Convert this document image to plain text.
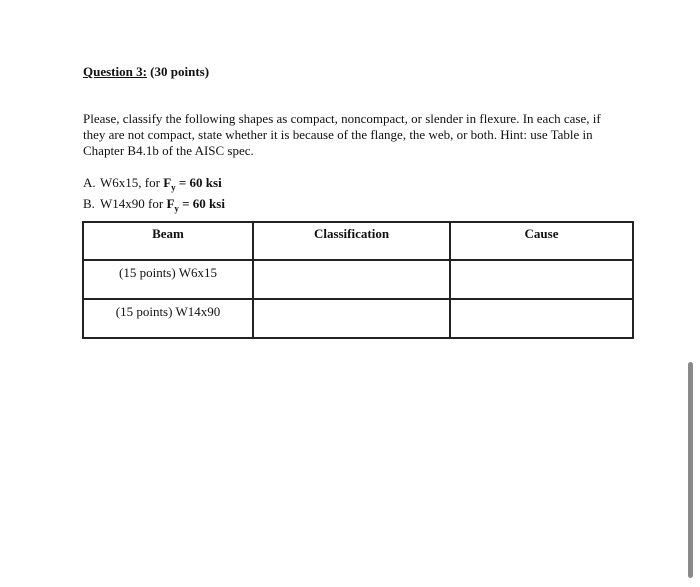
Question 3: (30 points)
Please, classify the following shapes as compact, noncompact, or slender in flexure. In each case, if they are not compact, state whether it is because of the flange, the web, or both. Hint: use Table in Chapter B4.1b of the AISC spec.
A. W6x15, for $F_y = 60$ ksi
B. W14x90 for $F_y = 60$ ksi
Beam	Classification	Cause
(15 points) W6x15		
(15 points) W14x90		
